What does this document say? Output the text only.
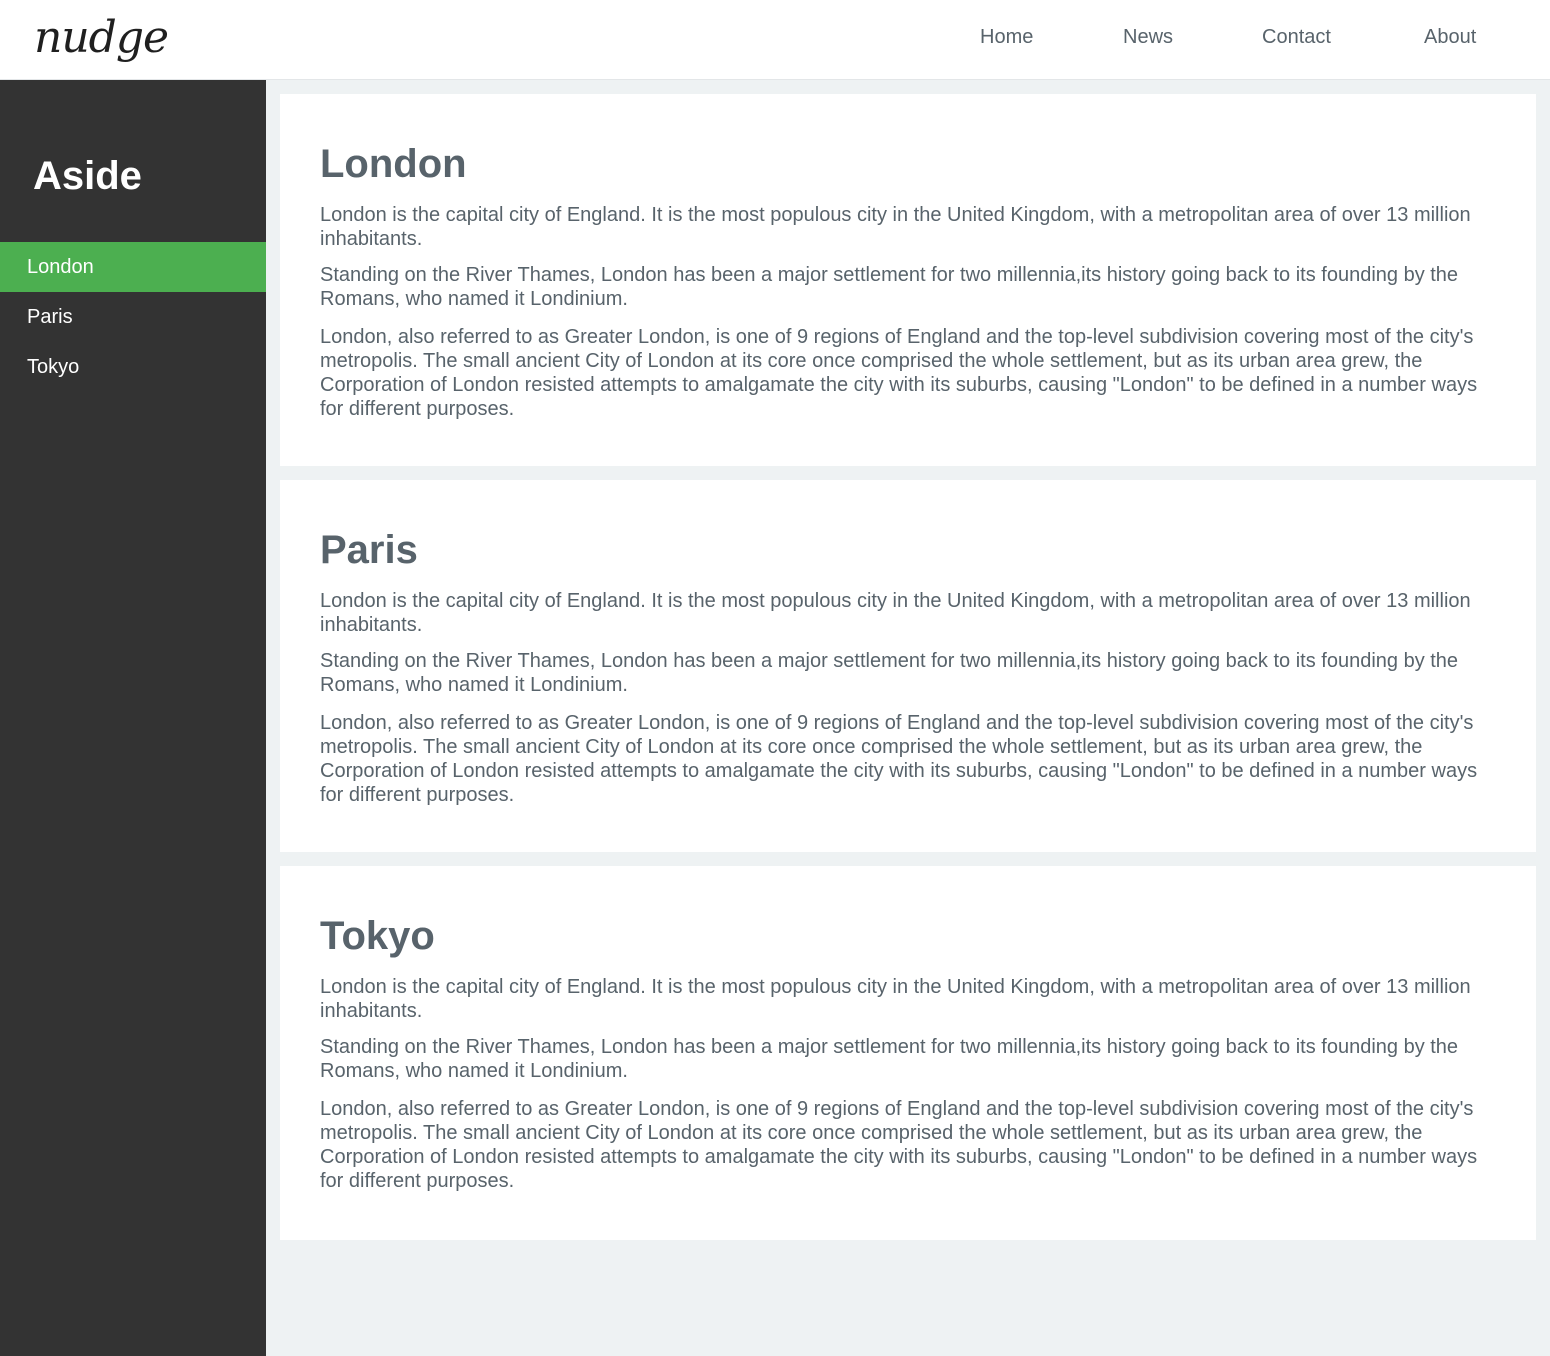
nudge	Home	News	Contact	About
Aside
London
Paris
Tokyo
London

London is the capital city of England. It is the most populous city in the United Kingdom, with a metropolitan area of over 13 million inhabitants.

Standing on the River Thames, London has been a major settlement for two millennia,its history going back to its founding by the Romans, who named it Londinium.

London, also referred to as Greater London, is one of 9 regions of England and the top-level subdivision covering most of the city's metropolis. The small ancient City of London at its core once comprised the whole settlement, but as its urban area grew, the Corporation of London resisted attempts to amalgamate the city with its suburbs, causing "London" to be defined in a number ways for different purposes.

Paris

London is the capital city of England. It is the most populous city in the United Kingdom, with a metropolitan area of over 13 million inhabitants.

Standing on the River Thames, London has been a major settlement for two millennia,its history going back to its founding by the Romans, who named it Londinium.

London, also referred to as Greater London, is one of 9 regions of England and the top-level subdivision covering most of the city's metropolis. The small ancient City of London at its core once comprised the whole settlement, but as its urban area grew, the Corporation of London resisted attempts to amalgamate the city with its suburbs, causing "London" to be defined in a number ways for different purposes.

Tokyo

London is the capital city of England. It is the most populous city in the United Kingdom, with a metropolitan area of over 13 million inhabitants.

Standing on the River Thames, London has been a major settlement for two millennia,its history going back to its founding by the Romans, who named it Londinium.

London, also referred to as Greater London, is one of 9 regions of England and the top-level subdivision covering most of the city's metropolis. The small ancient City of London at its core once comprised the whole settlement, but as its urban area grew, the Corporation of London resisted attempts to amalgamate the city with its suburbs, causing "London" to be defined in a number ways for different purposes.
